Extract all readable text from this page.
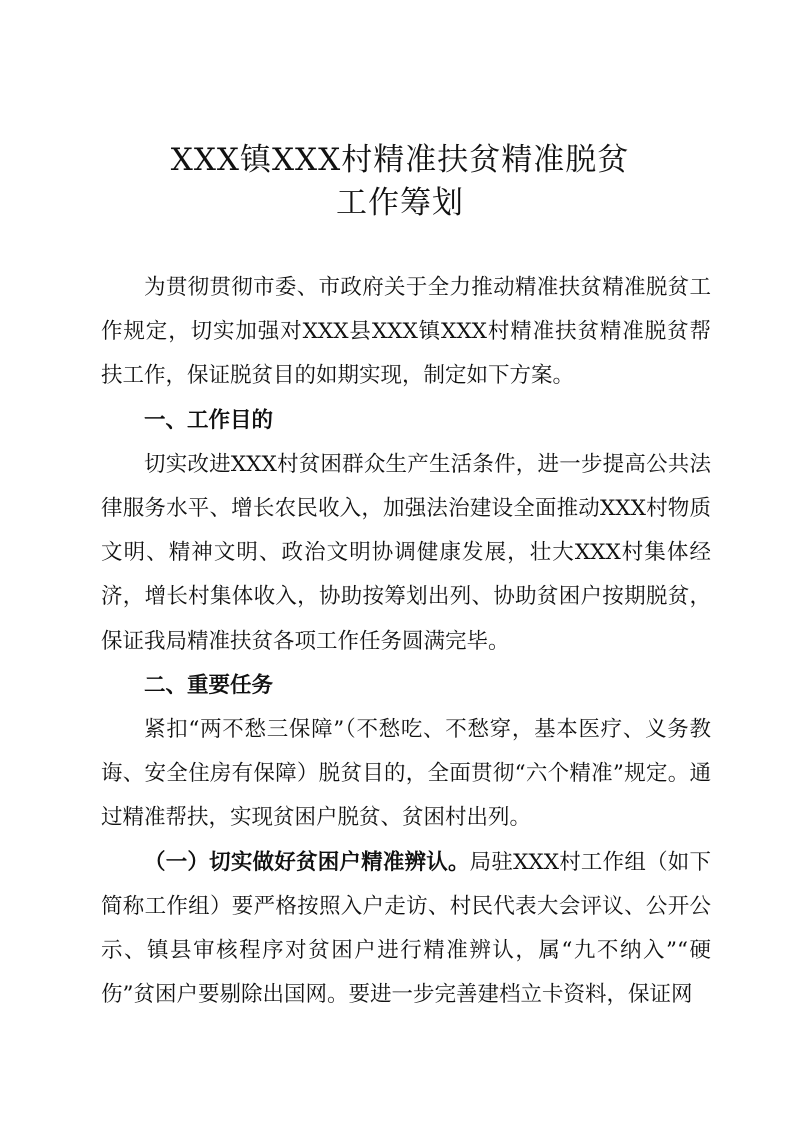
XXX镇XXX村精准扶贫精准脱贫
工作筹划

为贯彻贯彻市委、市政府关于全力推动精准扶贫精准脱贫工作规定，切实加强对XXX县XXX镇XXX村精准扶贫精准脱贫帮扶工作，保证脱贫目的如期实现，制定如下方案。

一、工作目的

切实改进XXX村贫困群众生产生活条件，进一步提高公共法律服务水平、增长农民收入，加强法治建设全面推动XXX村物质文明、精神文明、政治文明协调健康发展，壮大XXX村集体经济，增长村集体收入，协助按筹划出列、协助贫困户按期脱贫，保证我局精准扶贫各项工作任务圆满完毕。

二、重要任务

紧扣“两不愁三保障”（不愁吃、不愁穿，基本医疗、义务教诲、安全住房有保障）脱贫目的，全面贯彻“六个精准”规定。通过精准帮扶，实现贫困户脱贫、贫困村出列。

（一）切实做好贫困户精准辨认。局驻XXX村工作组（如下简称工作组）要严格按照入户走访、村民代表大会评议、公开公示、镇县审核程序对贫困户进行精准辨认，属“九不纳入”“硬伤”贫困户要剔除出国网。要进一步完善建档立卡资料，保证网
